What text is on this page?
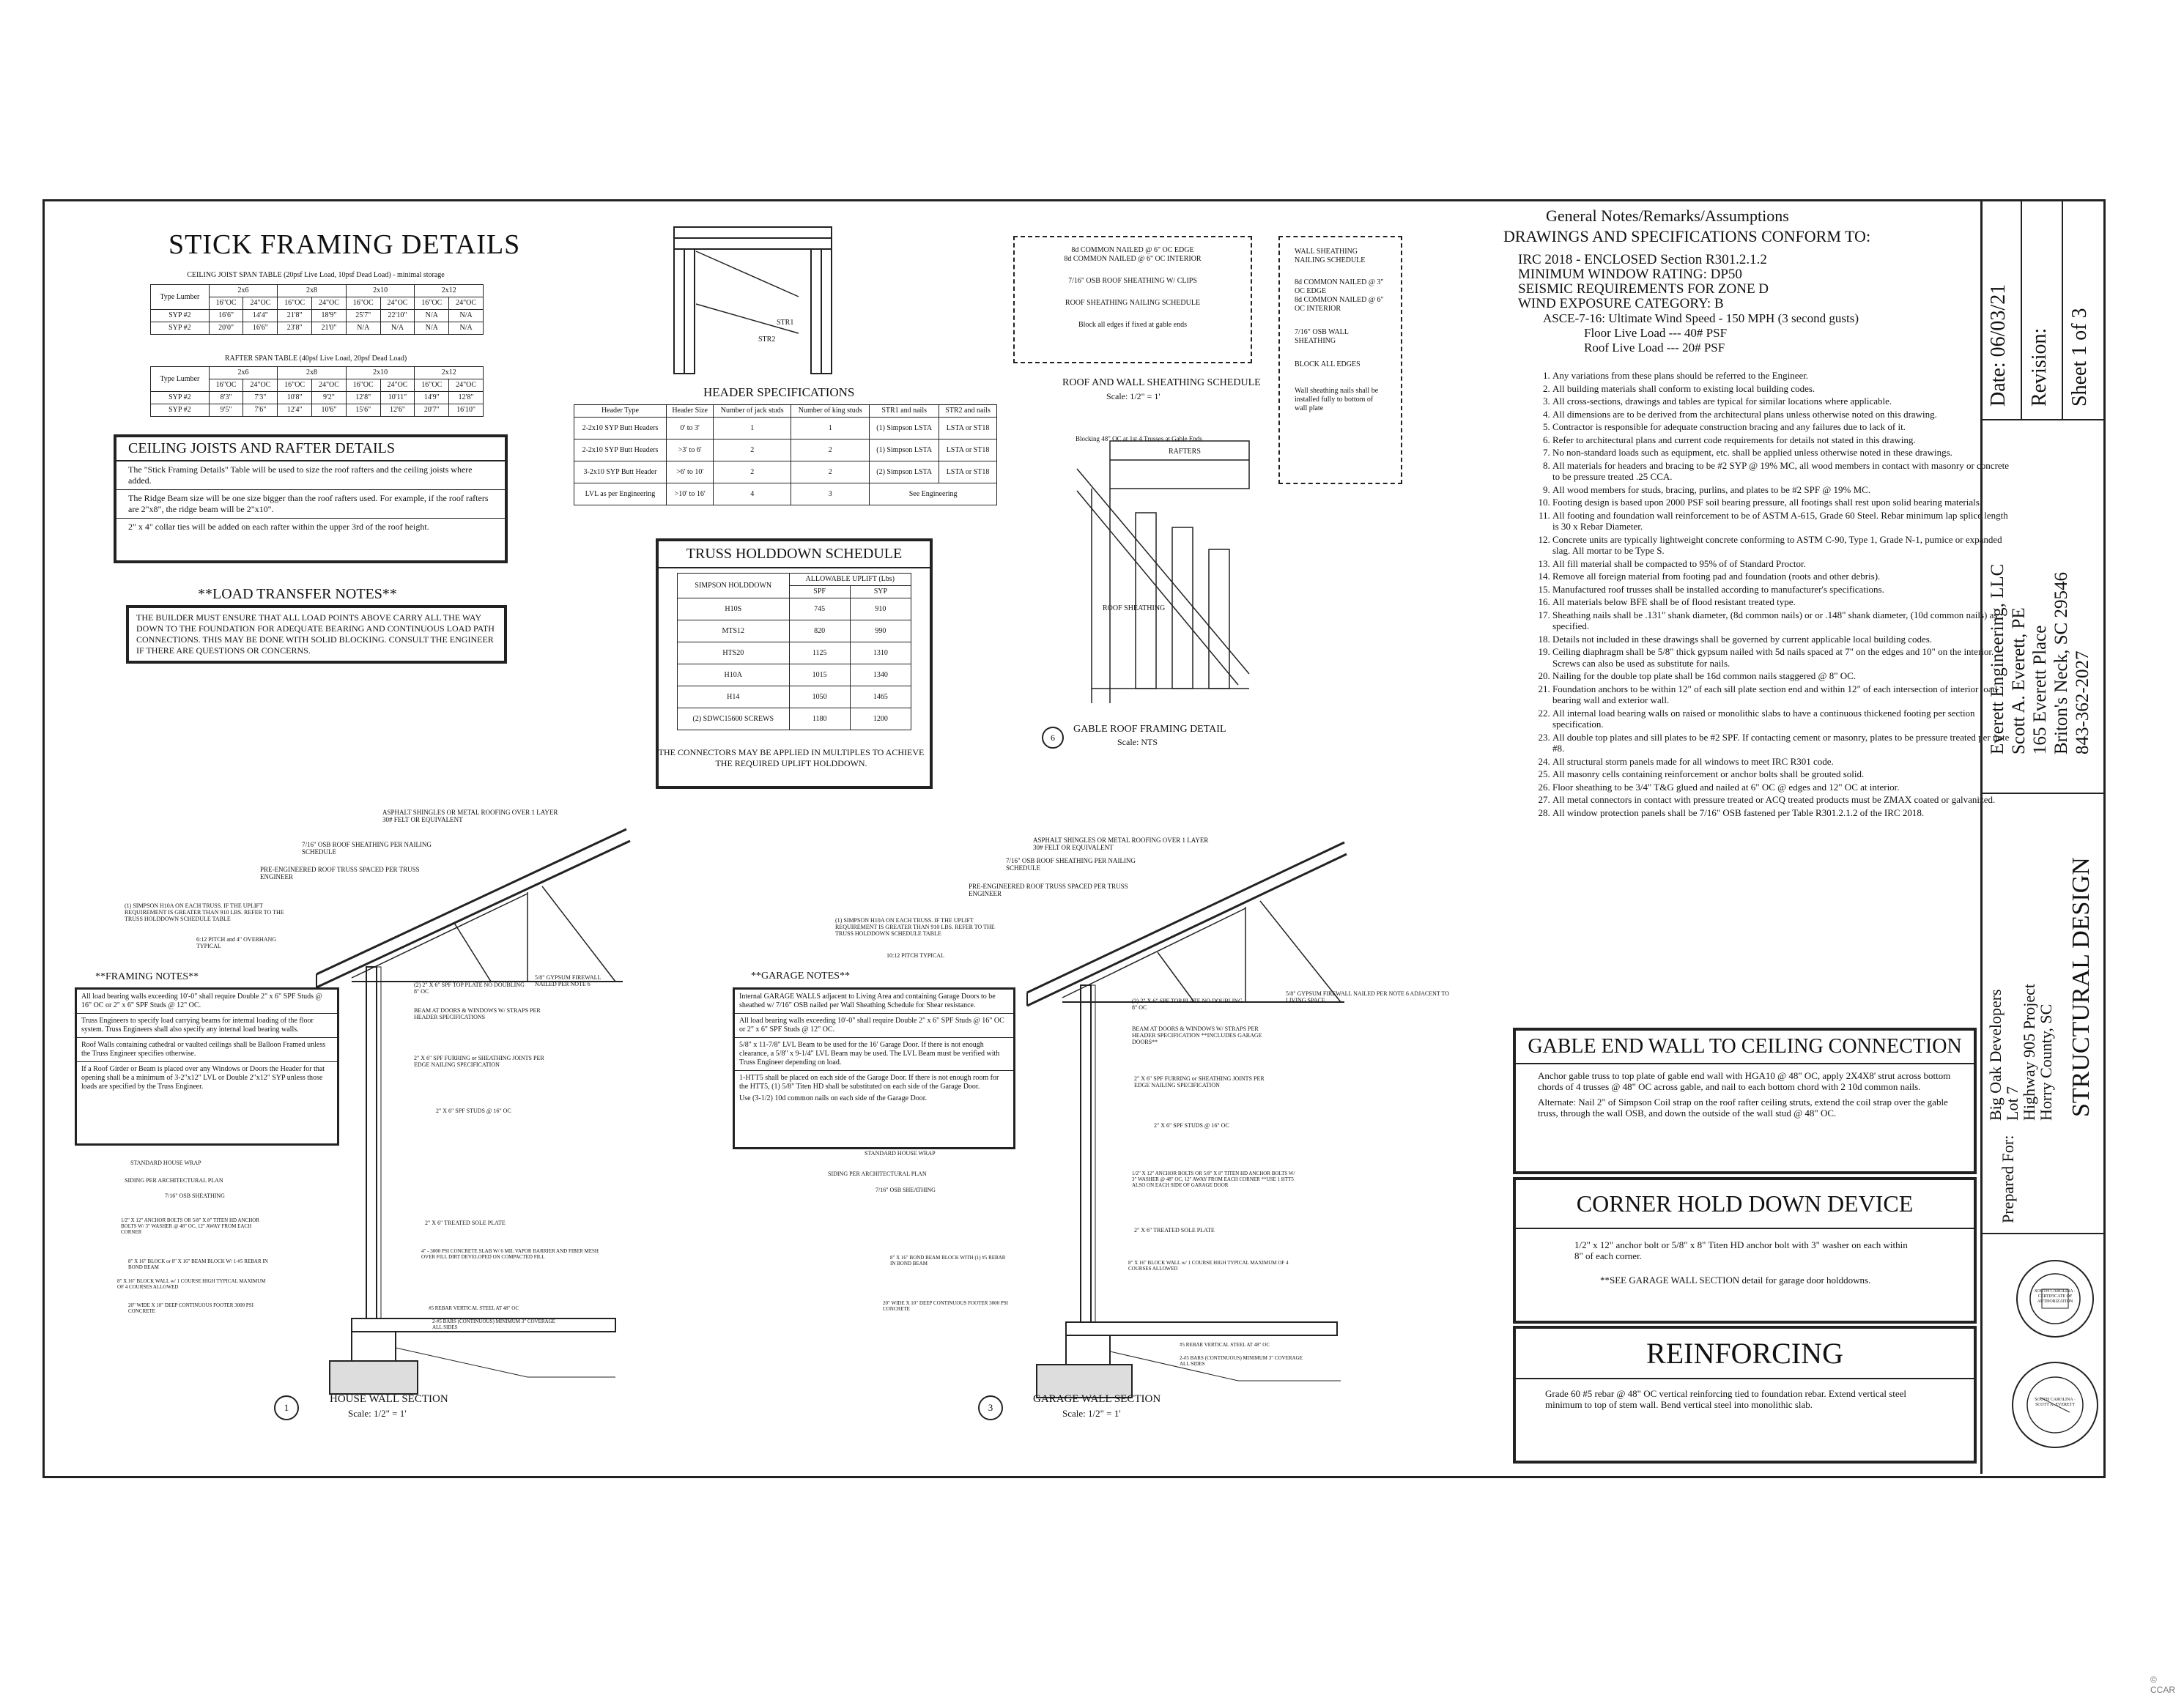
STICK FRAMING DETAILS
CEILING JOIST SPAN TABLE (20psf Live Load, 10psf Dead Load) - minimal storage
Type Lumber	2x6		2x8		2x10		2x12	
	16"OC	24"OC	16"OC	24"OC	16"OC	24"OC	16"OC	24"OC
SYP #2	16'6"	14'4"	21'8"	18'9"	25'7"	22'10"	N/A	N/A
SYP #2	20'0"	16'6"	23'8"	21'0"	N/A	N/A	N/A	N/A
RAFTER SPAN TABLE (40psf Live Load, 20psf Dead Load)
Type Lumber	2x6		2x8		2x10		2x12	
	16"OC	24"OC	16"OC	24"OC	16"OC	24"OC	16"OC	24"OC
SYP #2	8'3"	7'3"	10'8"	9'2"	12'8"	10'11"	14'9"	12'8"
SYP #2	9'5"	7'6"	12'4"	10'6"	15'6"	12'6"	20'7"	16'10"
CEILING JOISTS AND RAFTER DETAILS
The "Stick Framing Details" Table will be used to size the roof rafters and the ceiling joists where added.
The Ridge Beam size will be one size bigger than the roof rafters used. For example, if the roof rafters are 2"x8", the ridge beam will be 2"x10".
2" x 4" collar ties will be added on each rafter within the upper 3rd of the roof height.
**LOAD TRANSFER NOTES**
THE BUILDER MUST ENSURE THAT ALL LOAD POINTS ABOVE CARRY ALL THE WAY DOWN TO THE FOUNDATION FOR ADEQUATE BEARING AND CONTINUOUS LOAD PATH CONNECTIONS. THIS MAY BE DONE WITH SOLID BLOCKING. CONSULT THE ENGINEER IF THERE ARE QUESTIONS OR CONCERNS.
STR1
STR2
HEADER SPECIFICATIONS
Header Type	Header Size	Number of jack studs	Number of king studs	STR1 and nails	STR2 and nails
2-2x10 SYP Butt Headers	0' to 3'	1	1	(1) Simpson LSTA	LSTA or ST18
2-2x10 SYP Butt Headers	>3' to 6'	2	2	(1) Simpson LSTA	LSTA or ST18
3-2x10 SYP Butt Header	>6' to 10'	2	2	(2) Simpson LSTA	LSTA or ST18
LVL as per Engineering	>10' to 16'	4	3	See Engineering	
TRUSS HOLDDOWN SCHEDULE
SIMPSON HOLDDOWN	ALLOWABLE UPLIFT (Lbs)	
	SPF	SYP
H10S	745	910
MTS12	820	990
HTS20	1125	1310
H10A	1015	1340
H14	1050	1465
(2) SDWC15600 SCREWS	1180	1200
THE CONNECTORS MAY BE APPLIED IN MULTIPLES TO ACHIEVE THE REQUIRED UPLIFT HOLDDOWN.
8d COMMON NAILED @ 6" OC EDGE
8d COMMON NAILED @ 6" OC INTERIOR
7/16" OSB ROOF SHEATHING W/ CLIPS
ROOF SHEATHING NAILING SCHEDULE
Block all edges if fixed at gable ends
WALL SHEATHING NAILING SCHEDULE
8d COMMON NAILED @ 3" OC EDGE
8d COMMON NAILED @ 6" OC INTERIOR
7/16" OSB WALL SHEATHING
BLOCK ALL EDGES
Wall sheathing nails shall be installed fully to bottom of wall plate
ROOF AND WALL SHEATHING SCHEDULE
Scale: 1/2" = 1'
Blocking 48" OC at 1st 4 Trusses at Gable Ends
RAFTERS
ROOF SHEATHING
6
GABLE ROOF FRAMING DETAIL
Scale: NTS
General Notes/Remarks/Assumptions
DRAWINGS AND SPECIFICATIONS CONFORM TO:
IRC 2018 - ENCLOSED Section R301.2.1.2
MINIMUM WINDOW RATING: DP50
SEISMIC REQUIREMENTS FOR ZONE D
WIND EXPOSURE CATEGORY: B
ASCE-7-16: Ultimate Wind Speed - 150 MPH (3 second gusts)
Floor Live Load --- 40# PSF
Roof Live Load --- 20# PSF
1. Any variations from these plans should be referred to the Engineer.
2. All building materials shall conform to existing local building codes.
3. All cross-sections, drawings and tables are typical for similar locations where applicable.
4. All dimensions are to be derived from the architectural plans unless otherwise noted on this drawing.
5. Contractor is responsible for adequate construction bracing and any failures due to lack of it.
6. Refer to architectural plans and current code requirements for details not stated in this drawing.
7. No non-standard loads such as equipment, etc. shall be applied unless otherwise noted in these drawings.
8. All materials for headers and bracing to be #2 SYP @ 19% MC, all wood members in contact with masonry or concrete to be pressure treated .25 CCA.
9. All wood members for studs, bracing, purlins, and plates to be #2 SPF @ 19% MC.
10. Footing design is based upon 2000 PSF soil bearing pressure, all footings shall rest upon solid bearing materials.
11. All footing and foundation wall reinforcement to be of ASTM A-615, Grade 60 Steel. Rebar minimum lap splice length is 30 x Rebar Diameter.
12. Concrete units are typically lightweight concrete conforming to ASTM C-90, Type 1, Grade N-1, pumice or expanded slag. All mortar to be Type S.
13. All fill material shall be compacted to 95% of of Standard Proctor.
14. Remove all foreign material from footing pad and foundation (roots and other debris).
15. Manufactured roof trusses shall be installed according to manufacturer's specifications.
16. All materials below BFE shall be of flood resistant treated type.
17. Sheathing nails shall be .131" shank diameter, (8d common nails) or or .148" shank diameter, (10d common nails) as specified.
18. Details not included in these drawings shall be governed by current applicable local building codes.
19. Ceiling diaphragm shall be 5/8" thick gypsum nailed with 5d nails spaced at 7" on the edges and 10" on the interior. Screws can also be used as substitute for nails.
20. Nailing for the double top plate shall be 16d common nails staggered @ 8" OC.
21. Foundation anchors to be within 12" of each sill plate section end and within 12" of each intersection of interior load bearing wall and exterior wall.
22. All internal load bearing walls on raised or monolithic slabs to have a continuous thickened footing per section specification.
23. All double top plates and sill plates to be #2 SPF. If contacting cement or masonry, plates to be pressure treated per note #8.
24. All structural storm panels made for all windows to meet IRC R301 code.
25. All masonry cells containing reinforcement or anchor bolts shall be grouted solid.
26. Floor sheathing to be 3/4" T&G glued and nailed at 6" OC @ edges and 12" OC at interior.
27. All metal connectors in contact with pressure treated or ACQ treated products must be ZMAX coated or galvanized.
28. All window protection panels shall be 7/16" OSB fastened per Table R301.2.1.2 of the IRC 2018.
GABLE END WALL TO CEILING CONNECTION
Anchor gable truss to top plate of gable end wall with HGA10 @ 48" OC, apply 2X4X8' strut across bottom chords of 4 trusses @ 48" OC across gable, and nail to each bottom chord with 2 10d common nails.
Alternate: Nail 2" of Simpson Coil strap on the roof rafter ceiling struts, extend the coil strap over the gable truss, through the wall OSB, and down the outside of the wall stud @ 48" OC.
CORNER HOLD DOWN DEVICE
1/2" x 12" anchor bolt or 5/8" x 8" Titen HD anchor bolt with 3" washer on each within 8" of each corner.
**SEE GARAGE WALL SECTION detail for garage door holddowns.
REINFORCING
Grade 60 #5 rebar @ 48" OC vertical reinforcing tied to foundation rebar. Extend vertical steel minimum to top of stem wall. Bend vertical steel into monolithic slab.
Date: 06/03/21 Revision: Sheet 1 of 3
Everett Engineering, LLC Scott A. Everett, PE 165 Everett Place Briton's Neck, SC 29546 843-362-2027
STRUCTURAL DESIGN
Big Oak Developers
Lot 7
Highway 905 Project
Horry County, SC
Prepared For:
SOUTH CAROLINA · CERTIFICATE OF AUTHORIZATION
SOUTH CAROLINA · SCOTT A. EVERETT
© CCAR
ASPHALT SHINGLES OR METAL ROOFING OVER 1 LAYER 30# FELT OR EQUIVALENT
7/16" OSB ROOF SHEATHING PER NAILING SCHEDULE
PRE-ENGINEERED ROOF TRUSS SPACED PER TRUSS ENGINEER
(1) SIMPSON H10A ON EACH TRUSS. IF THE UPLIFT REQUIREMENT IS GREATER THAN 910 LBS. REFER TO THE TRUSS HOLDDOWN SCHEDULE TABLE
6:12 PITCH and 4" OVERHANG TYPICAL
(2) 2" X 6" SPF TOP PLATE NO DOUBLING 8" OC
BEAM AT DOORS & WINDOWS W/ STRAPS PER HEADER SPECIFICATIONS
5/8" GYPSUM FIREWALL NAILED PER NOTE 6
2" X 6" SPF FURRING or SHEATHING JOINTS PER EDGE NAILING SPECIFICATION
2" X 6" SPF STUDS @ 16" OC
STANDARD HOUSE WRAP
SIDING PER ARCHITECTURAL PLAN
7/16" OSB SHEATHING
1/2" X 12" ANCHOR BOLTS OR 5/8" X 8" TITEN HD ANCHOR BOLTS W/ 3" WASHER @ 48" OC, 12" AWAY FROM EACH CORNER
2" X 6" TREATED SOLE PLATE
4" - 3000 PSI CONCRETE SLAB W/ 6 MIL VAPOR BARRIER AND FIBER MESH OVER FILL DIRT DEVELOPED ON COMPACTED FILL
8" X 16" BLOCK or 8" X 16" BEAM BLOCK W/ 1-#5 REBAR IN BOND BEAM
8" X 16" BLOCK WALL w/ 1 COURSE HIGH TYPICAL MAXIMUM OF 4 COURSES ALLOWED
20" WIDE X 10" DEEP CONTINUOUS FOOTER 3000 PSI CONCRETE	#5 REBAR VERTICAL STEEL AT 48" OC
2-#5 BARS (CONTINUOUS) MINIMUM 3" COVERAGE ALL SIDES
**FRAMING NOTES**
All load bearing walls exceeding 10'-0" shall require Double 2" x 6" SPF Studs @ 16" OC or 2" x 6" SPF Studs @ 12" OC.
Truss Engineers to specify load carrying beams for internal loading of the floor system. Truss Engineers shall also specify any internal load bearing walls.
Roof Walls containing cathedral or vaulted ceilings shall be Balloon Framed unless the Truss Engineer specifies otherwise.
If a Roof Girder or Beam is placed over any Windows or Doors the Header for that opening shall be a minimum of 3-2"x12" LVL or Double 2"x12" SYP unless those loads are specified by the Truss Engineer.
1
HOUSE WALL SECTION
Scale: 1/2" = 1'
ASPHALT SHINGLES OR METAL ROOFING OVER 1 LAYER 30# FELT OR EQUIVALENT
7/16" OSB ROOF SHEATHING PER NAILING SCHEDULE
PRE-ENGINEERED ROOF TRUSS SPACED PER TRUSS ENGINEER
(1) SIMPSON H10A ON EACH TRUSS. IF THE UPLIFT REQUIREMENT IS GREATER THAN 910 LBS. REFER TO THE TRUSS HOLDDOWN SCHEDULE TABLE
10:12 PITCH TYPICAL
(2) 2" X 6" SPF TOP PLATE NO DOUBLING 8" OC
BEAM AT DOORS & WINDOWS W/ STRAPS PER HEADER SPECIFICATION **INCLUDES GARAGE DOORS**
5/8" GYPSUM FIREWALL NAILED PER NOTE 6 ADJACENT TO LIVING SPACE
2" X 6" SPF FURRING or SHEATHING JOINTS PER EDGE NAILING SPECIFICATION
2" X 6" SPF STUDS @ 16" OC
STANDARD HOUSE WRAP
SIDING PER ARCHITECTURAL PLAN
7/16" OSB SHEATHING
1/2" X 12" ANCHOR BOLTS OR 5/8" X 8" TITEN HD ANCHOR BOLTS W/ 3" WASHER @ 48" OC, 12" AWAY FROM EACH CORNER **USE 1 HTT5 ALSO ON EACH SIDE OF GARAGE DOOR
2" X 6" TREATED SOLE PLATE
8" X 16" BOND BEAM BLOCK WITH (1) #5 REBAR IN BOND BEAM	8" X 16" BLOCK WALL w/ 1 COURSE HIGH TYPICAL MAXIMUM OF 4 COURSES ALLOWED
20" WIDE X 10" DEEP CONTINUOUS FOOTER 3000 PSI CONCRETE
#5 REBAR VERTICAL STEEL AT 48" OC
2-#5 BARS (CONTINUOUS) MINIMUM 3" COVERAGE ALL SIDES
**GARAGE NOTES**
Internal GARAGE WALLS adjacent to Living Area and containing Garage Doors to be sheathed w/ 7/16" OSB nailed per Wall Sheathing Schedule for Shear resistance.
All load bearing walls exceeding 10'-0" shall require Double 2" x 6" SPF Studs @ 16" OC or 2" x 6" SPF Studs @ 12" OC.
5/8" x 11-7/8" LVL Beam to be used for the 16' Garage Door. If there is not enough clearance, a 5/8" x 9-1/4" LVL Beam may be used. The LVL Beam must be verified with Truss Engineer depending on load.
1-HTT5 shall be placed on each side of the Garage Door. If there is not enough room for the HTT5, (1) 5/8" Titen HD shall be substituted on each side of the Garage Door.
Use (3-1/2) 10d common nails on each side of the Garage Door.
3
GARAGE WALL SECTION
Scale: 1/2" = 1'
